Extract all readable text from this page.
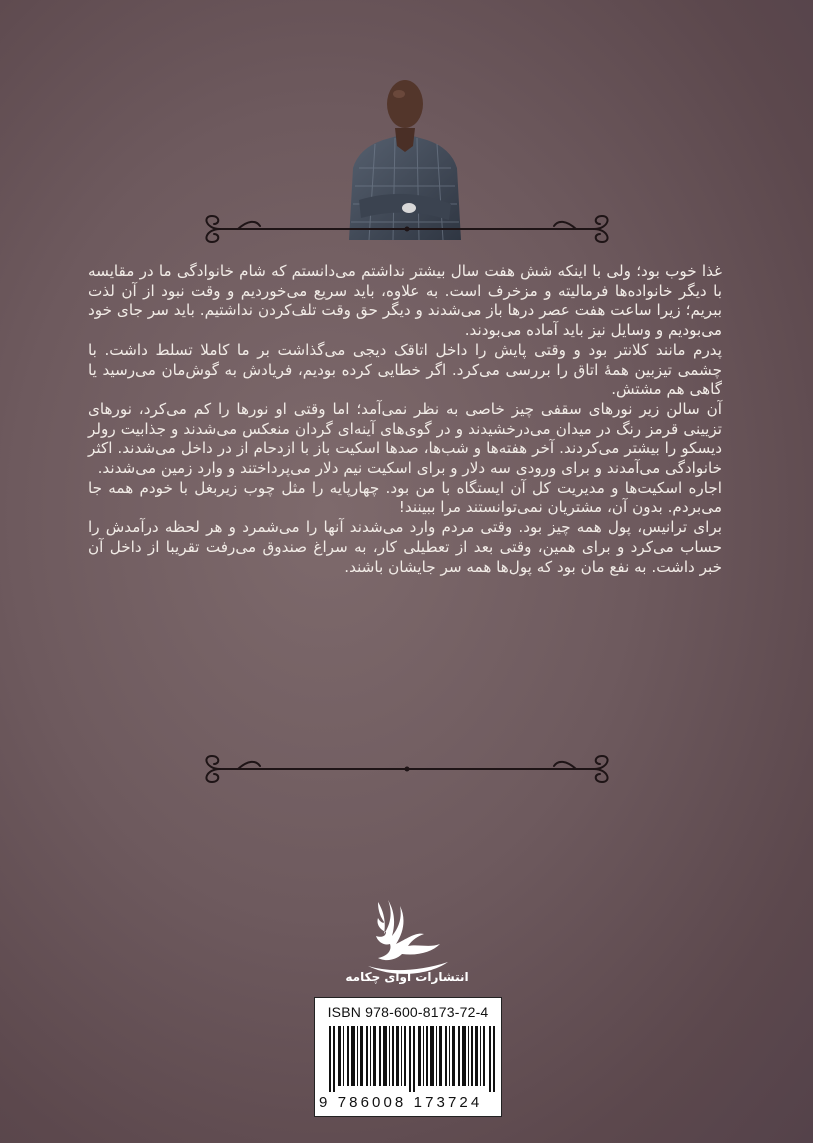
غذا خوب بود؛ ولی با اینکه شش هفت سال بیشتر نداشتم می‌دانستم که شام خانوادگی ما در مقایسه با دیگر خانواده‌ها فرمالیته و مزخرف است. به علاوه، باید سریع می‌خوردیم و وقت نبود از آن لذت ببریم؛ زیرا ساعت هفت عصر درها باز می‌شدند و دیگر حق وقت تلف‌کردن نداشتیم. باید سر جای خود می‌بودیم و وسایل نیز باید آماده می‌بودند.

پدرم مانند کلانتر بود و وقتی پایش را داخل اتاقک دیجی می‌گذاشت بر ما کاملا تسلط داشت. با چشمی تیزبین همهٔ اتاق را بررسی می‌کرد. اگر خطایی کرده بودیم، فریادش به گوش‌مان می‌رسید یا گاهی هم مشتش.

آن سالن زیر نورهای سقفی چیز خاصی به نظر نمی‌آمد؛ اما وقتی او نورها را کم می‌کرد، نورهای تزیینی قرمز رنگ در میدان می‌درخشیدند و در گوی‌های آینه‌ای گردان منعکس می‌شدند و جذابیت رولر دیسکو را بیشتر می‌کردند. آخر هفته‌ها و شب‌ها، صدها اسکیت باز با ازدحام از در داخل می‌شدند. اکثر خانوادگی می‌آمدند و برای ورودی سه دلار و برای اسکیت نیم دلار می‌پرداختند و وارد زمین می‌شدند.

اجاره اسکیت‌ها و مدیریت کل آن ایستگاه با من بود. چهارپایه را مثل چوب زیربغل با خودم همه جا می‌بردم. بدون آن، مشتریان نمی‌توانستند مرا ببینند!

برای ترانیس، پول همه چیز بود. وقتی مردم وارد می‌شدند آنها را می‌شمرد و هر لحظه درآمدش را حساب می‌کرد و برای همین، وقتی بعد از تعطیلی کار، به سراغ صندوق می‌رفت تقریبا از داخل آن خبر داشت. به نفع مان بود که پول‌ها همه سر جایشان باشند.

انتشارات آوای چکامه
ISBN 978-600-8173-72-4
9 786008 173724
